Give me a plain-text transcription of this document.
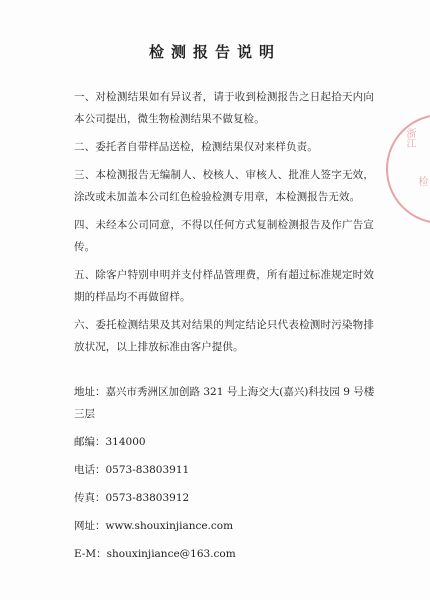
检测报告说明

一、对检测结果如有异议者，请于收到检测报告之日起拾天内向本公司提出，微生物检测结果不做复检。

二、委托者自带样品送检，检测结果仅对来样负责。

三、本检测报告无编制人、校核人、审核人、批准人签字无效，涂改或未加盖本公司红色检验检测专用章，本检测报告无效。

四、未经本公司同意，不得以任何方式复制检测报告及作广告宣传。

五、除客户特别申明并支付样品管理费，所有超过标准规定时效期的样品均不再做留样。

六、委托检测结果及其对结果的判定结论只代表检测时污染物排放状况，以上排放标准由客户提供。

地址：嘉兴市秀洲区加创路 321 号上海交大(嘉兴)科技园 9 号楼三层

邮编：314000

电话：0573-83803911

传真：0573-83803912

网址：www.shouxinjiance.com

E-M：shouxinjiance@163.com

浙江
检
